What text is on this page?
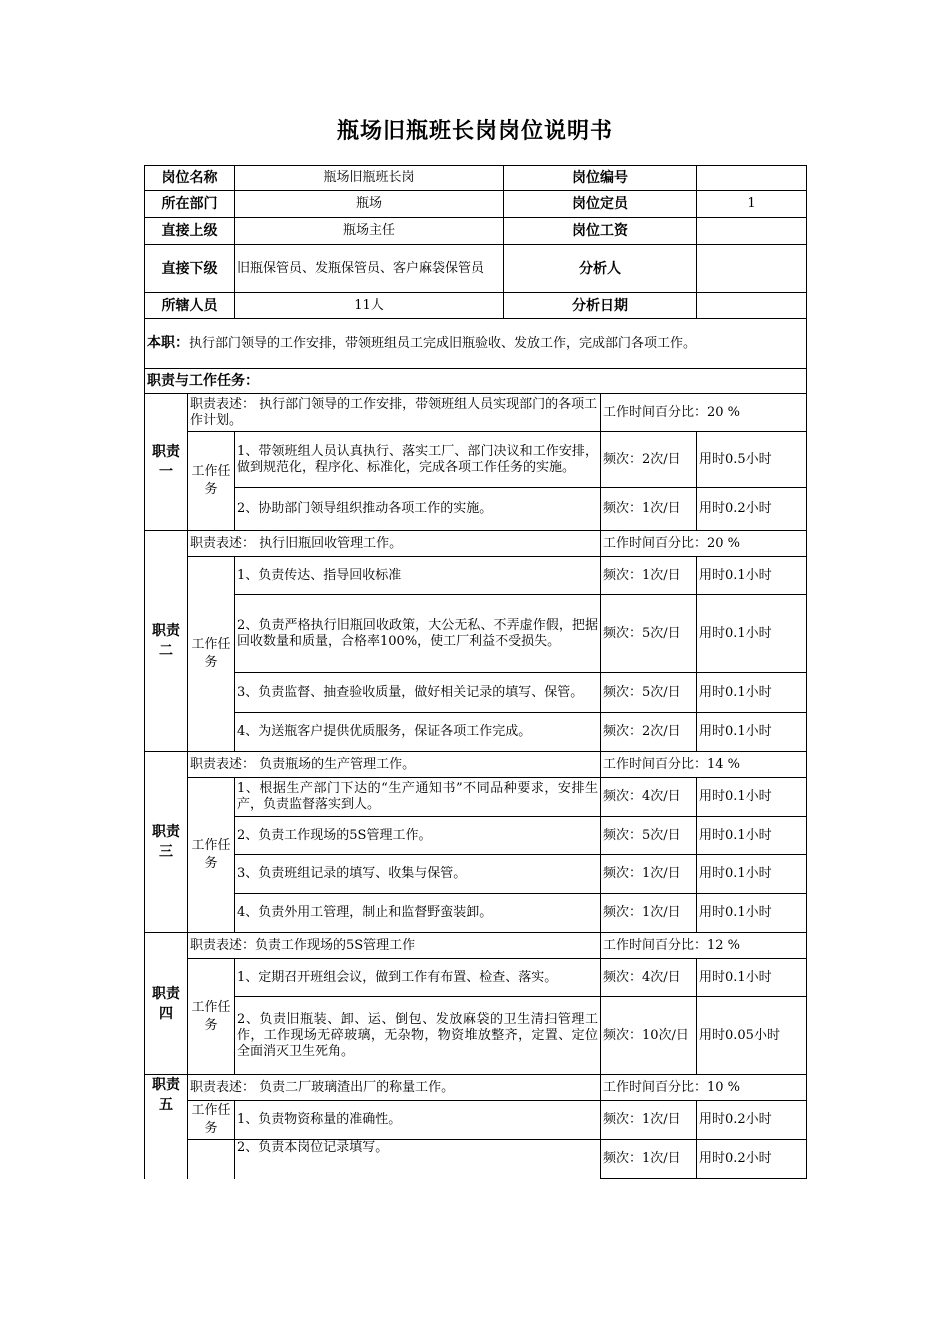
瓶场旧瓶班长岗岗位说明书
岗位名称		瓶场旧瓶班长岗	岗位编号		
所在部门		瓶场	岗位定员		1
直接上级		瓶场主任	岗位工资		
直接下级		旧瓶保管员、发瓶保管员、客户麻袋保管员	分析人		
所辖人员		11人	分析日期		
本职：执行部门领导的工作安排，带领班组员工完成旧瓶验收、发放工作，完成部门各项工作。					
职责与工作任务：					
职责一	职责表述： 执行部门领导的工作安排，带领班组人员实现部门的各项工作计划。			工作时间百分比：20 %	
	工作任务	1、带领班组人员认真执行、落实工厂、部门决议和工作安排，做到规范化，程序化、标准化，完成各项工作任务的实施。		频次：2次/日	用时0.5小时
		2、协助部门领导组织推动各项工作的实施。		频次：1次/日	用时0.2小时
职责二	职责表述： 执行旧瓶回收管理工作。			工作时间百分比：20 %	
	工作任务	1、负责传达、指导回收标准		频次：1次/日	用时0.1小时
		2、负责严格执行旧瓶回收政策，大公无私、不弄虚作假，把据　　回收数量和质量，合格率100%，使工厂利益不受损失。		频次：5次/日	用时0.1小时
		3、负责监督、抽查验收质量，做好相关记录的填写、保管。		频次：5次/日	用时0.1小时
		4、为送瓶客户提供优质服务，保证各项工作完成。		频次：2次/日	用时0.1小时
职责三	职责表述： 负责瓶场的生产管理工作。			工作时间百分比：14 %	
	工作任务	1、根据生产部门下达的“生产通知书”不同品种要求，安排生产，负责监督落实到人。		频次：4次/日	用时0.1小时
		2、负责工作现场的5S管理工作。		频次：5次/日	用时0.1小时
		3、负责班组记录的填写、收集与保管。		频次：1次/日	用时0.1小时
		4、负责外用工管理，制止和监督野蛮装卸。		频次：1次/日	用时0.1小时
职责四	职责表述：负责工作现场的5S管理工作			工作时间百分比：12 %	
	工作任务	1、定期召开班组会议，做到工作有布置、检查、落实。		频次：4次/日	用时0.1小时
		2、负责旧瓶装、卸、运、倒包、发放麻袋的卫生清扫管理工作，工作现场无碎玻璃，无杂物，物资堆放整齐，定置、定位全面消灭卫生死角。		频次：10次/日	用时0.05小时
职责五	职责表述： 负责二厂玻璃渣出厂的称量工作。			工作时间百分比：10 %	
	工作任务	1、负责物资称量的准确性。		频次：1次/日	用时0.2小时
		2、负责本岗位记录填写。		频次：1次/日	用时0.2小时
